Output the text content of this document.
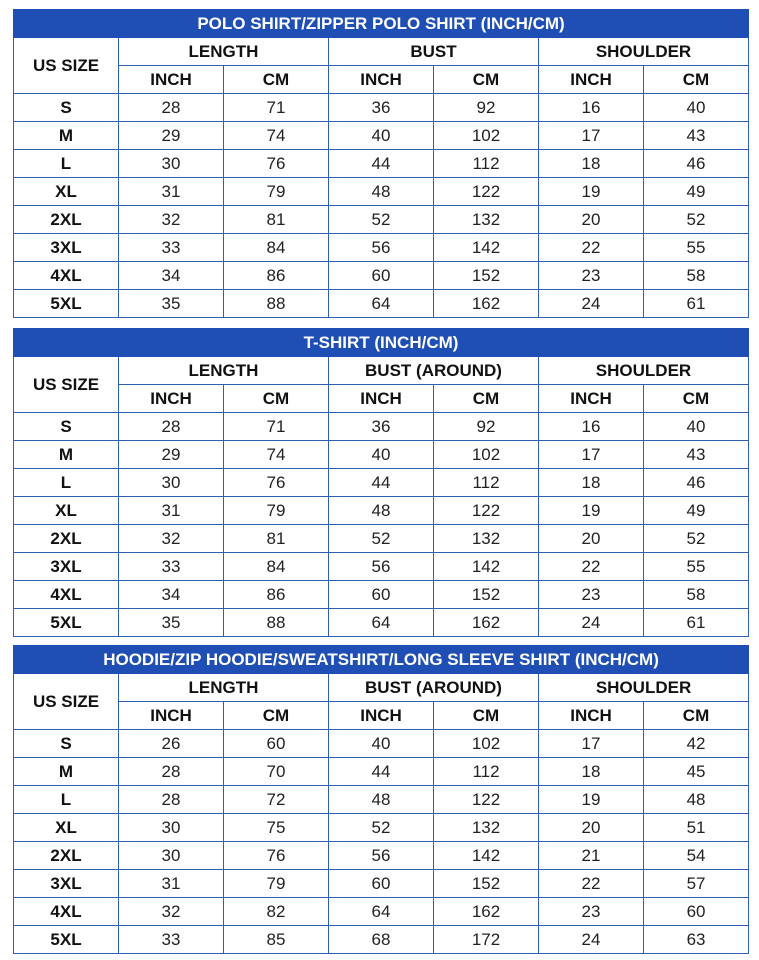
POLO SHIRT/ZIPPER POLO SHIRT (INCH/CM)						
US SIZE	LENGTH		BUST		SHOULDER	
	INCH	CM	INCH	CM	INCH	CM
S	28	71	36	92	16	40
M	29	74	40	102	17	43
L	30	76	44	112	18	46
XL	31	79	48	122	19	49
2XL	32	81	52	132	20	52
3XL	33	84	56	142	22	55
4XL	34	86	60	152	23	58
5XL	35	88	64	162	24	61
T-SHIRT (INCH/CM)						
US SIZE	LENGTH		BUST (AROUND)		SHOULDER	
	INCH	CM	INCH	CM	INCH	CM
S	28	71	36	92	16	40
M	29	74	40	102	17	43
L	30	76	44	112	18	46
XL	31	79	48	122	19	49
2XL	32	81	52	132	20	52
3XL	33	84	56	142	22	55
4XL	34	86	60	152	23	58
5XL	35	88	64	162	24	61
HOODIE/ZIP HOODIE/SWEATSHIRT/LONG SLEEVE SHIRT (INCH/CM)						
US SIZE	LENGTH		BUST (AROUND)		SHOULDER	
	INCH	CM	INCH	CM	INCH	CM
S	26	60	40	102	17	42
M	28	70	44	112	18	45
L	28	72	48	122	19	48
XL	30	75	52	132	20	51
2XL	30	76	56	142	21	54
3XL	31	79	60	152	22	57
4XL	32	82	64	162	23	60
5XL	33	85	68	172	24	63
